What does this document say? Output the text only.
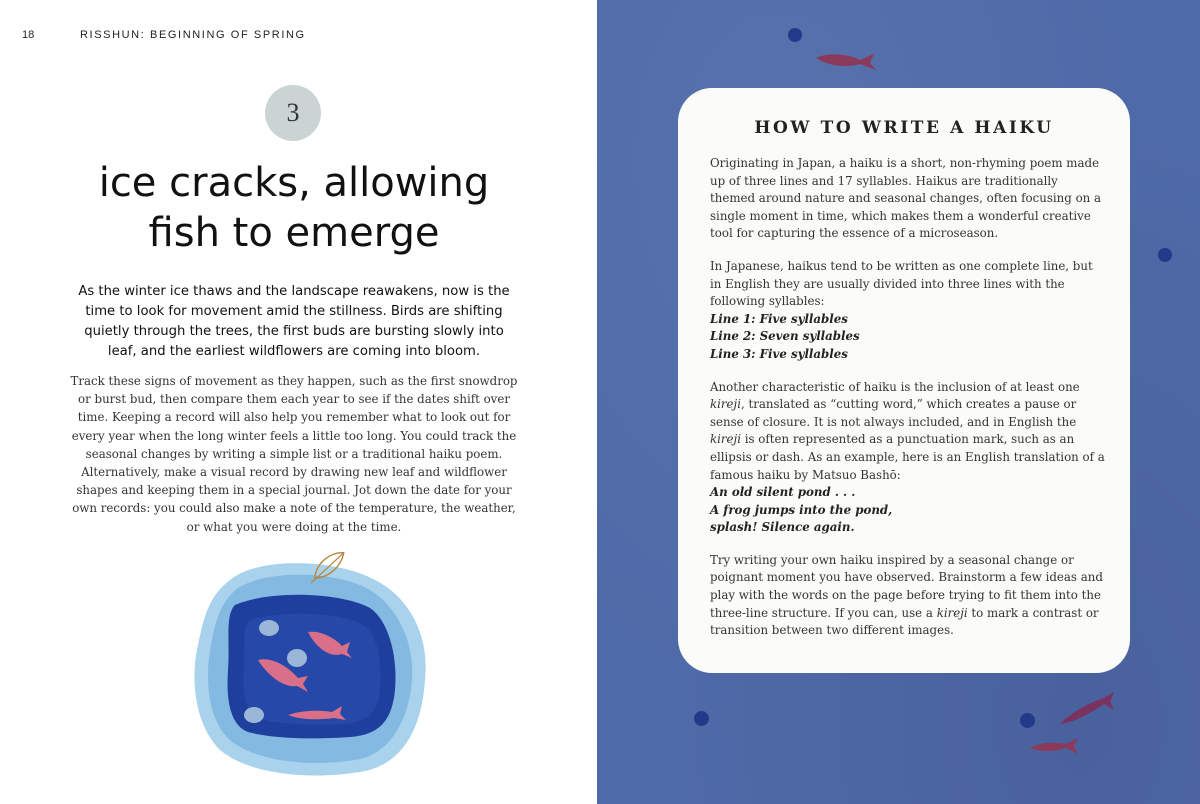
18	RISSHUN: BEGINNING OF SPRING
3
ice cracks, allowing
fish to emerge

As the winter ice thaws and the landscape reawakens, now is the time to look for movement amid the stillness. Birds are shifting quietly through the trees, the first buds are bursting slowly into leaf, and the earliest wildflowers are coming into bloom.

Track these signs of movement as they happen, such as the first snowdrop or burst bud, then compare them each year to see if the dates shift over time. Keeping a record will also help you remember what to look out for every year when the long winter feels a little too long. You could track the seasonal changes by writing a simple list or a traditional haiku poem. Alternatively, make a visual record by drawing new leaf and wildflower shapes and keeping them in a special journal. Jot down the date for your own records: you could also make a note of the temperature, the weather, or what you were doing at the time.

HOW TO WRITE A HAIKU

Originating in Japan, a haiku is a short, non-rhyming poem made up of three lines and 17 syllables. Haikus are traditionally themed around nature and seasonal changes, often focusing on a single moment in time, which makes them a wonderful creative tool for capturing the essence of a microseason.

In Japanese, haikus tend to be written as one complete line, but in English they are usually divided into three lines with the following syllables:
Line 1: Five syllables
Line 2: Seven syllables
Line 3: Five syllables

Another characteristic of haiku is the inclusion of at least one kireji, translated as “cutting word,” which creates a pause or sense of closure. It is not always included, and in English the kireji is often represented as a punctuation mark, such as an ellipsis or dash. As an example, here is an English translation of a famous haiku by Matsuo Bashō:
An old silent pond . . .
A frog jumps into the pond,
splash! Silence again.

Try writing your own haiku inspired by a seasonal change or poignant moment you have observed. Brainstorm a few ideas and play with the words on the page before trying to fit them into the three-line structure. If you can, use a kireji to mark a contrast or transition between two different images.
